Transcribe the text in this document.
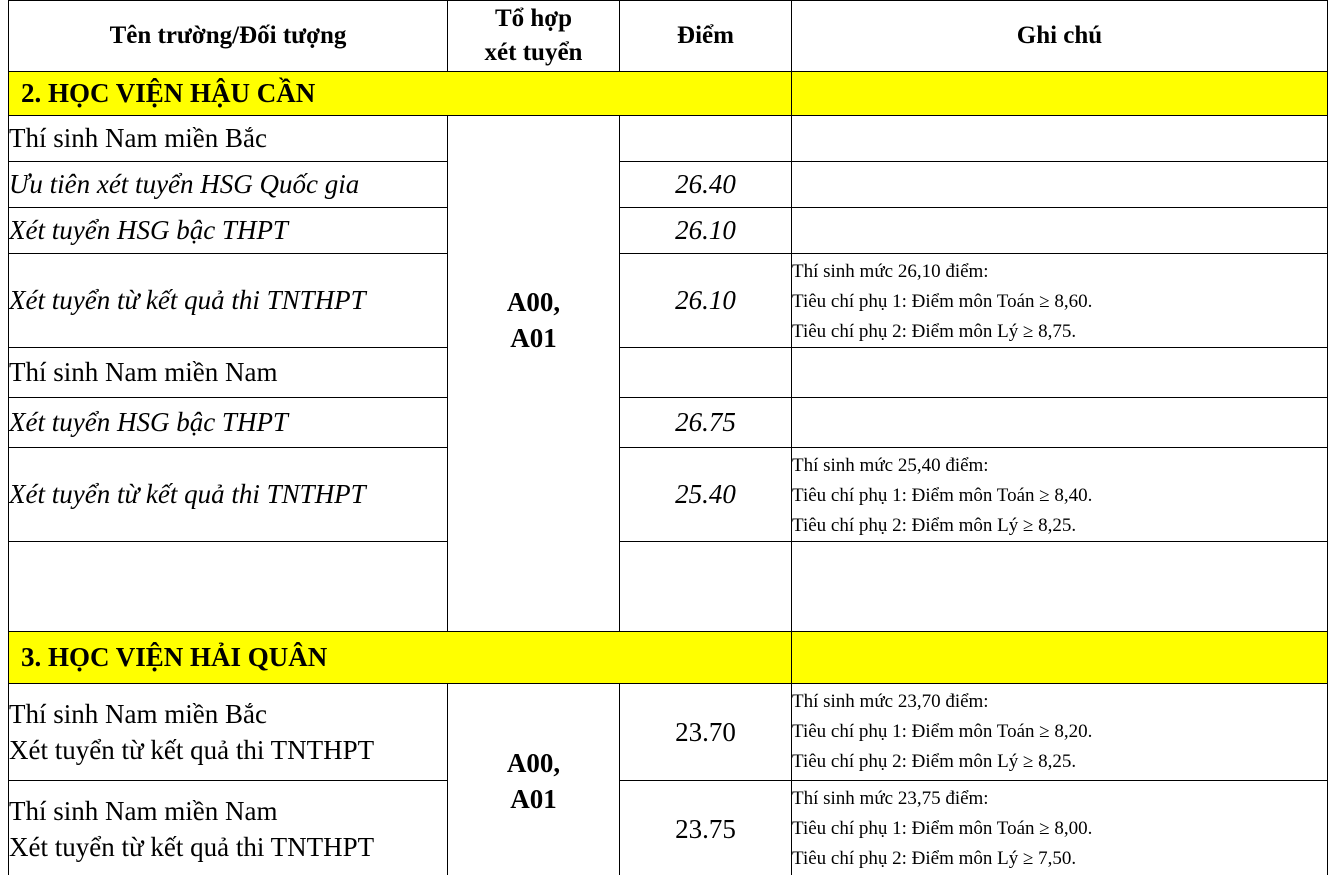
Tên trường/Đối tượng	Tổ hợp
xét tuyển	Điểm	Ghi chú
2. HỌC VIỆN HẬU CẦN			
Thí sinh Nam miền Bắc	A00,
A01		

Ưu tiên xét tuyển HSG Quốc gia		26.40	
Xét tuyển HSG bậc THPT		26.10	
Xét tuyển từ kết quả thi TNTHPT		26.10	Thí sinh mức 26,10 điểm:
Tiêu chí phụ 1: Điểm môn Toán ≥ 8,60.
Tiêu chí phụ 2: Điểm môn Lý ≥ 8,75.

Thí sinh Nam miền Nam			
Xét tuyển HSG bậc THPT		26.75	
Xét tuyển từ kết quả thi TNTHPT		25.40	Thí sinh mức 25,40 điểm:
Tiêu chí phụ 1: Điểm môn Toán ≥ 8,40.
Tiêu chí phụ 2: Điểm môn Lý ≥ 8,25.

3. HỌC VIỆN HẢI QUÂN			

Thí sinh Nam miền Bắc
Xét tuyển từ kết quả thi TNTHPT	A00,
A01	23.70	Thí sinh mức 23,70 điểm:
Tiêu chí phụ 1: Điểm môn Toán ≥ 8,20.
Tiêu chí phụ 2: Điểm môn Lý ≥ 8,25.

Thí sinh Nam miền Nam
Xét tuyển từ kết quả thi TNTHPT		23.75	Thí sinh mức 23,75 điểm:
Tiêu chí phụ 1: Điểm môn Toán ≥ 8,00.
Tiêu chí phụ 2: Điểm môn Lý ≥ 7,50.
